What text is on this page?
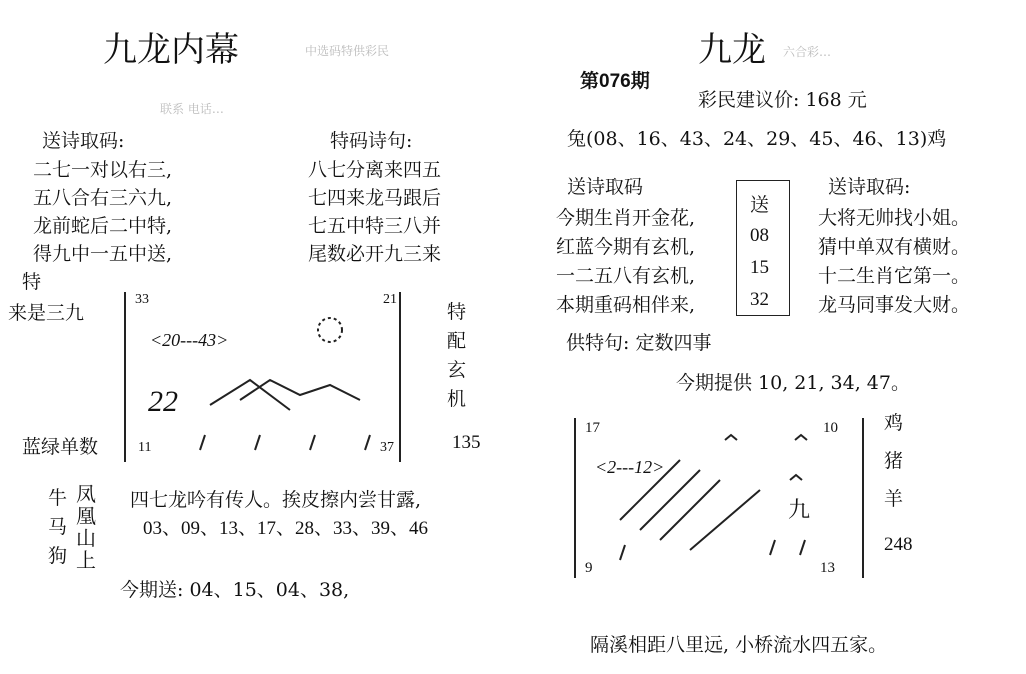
九龙内幕	中选码特供彩民
联系 电话…
送诗取码:
二七一对以右三,
五八合右三六九,
龙前蛇后二中特,
得九中一五中送,
特码诗句:
八七分离来四五
七四来龙马跟后
七五中特三八并
尾数必开九三来
特
来是三九
蓝绿单数
33	21
11	37
<20---43>
22
特
配
玄
机
135
牛
马
狗
凤
凰
山
上
四七龙吟有传人。挨皮擦内尝甘露,
03、09、13、17、28、33、39、46
今期送: 04、15、04、38,
九龙 六合彩…
第076期
彩民建议价: 168 元
兔(08、16、43、24、29、45、46、13)鸡
送诗取码
今期生肖开金花,
红蓝今期有玄机,
一二五八有玄机,
本期重码相伴来,
送
08
15
32
送诗取码:
大将无帅找小姐。
猜中单双有横财。
十二生肖它第一。
龙马同事发大财。
供特句: 定数四事
今期提供 10, 21, 34, 47。
17	10
<2---12>
九
9	13
鸡
猪
羊
248
隔溪相距八里远, 小桥流水四五家。
